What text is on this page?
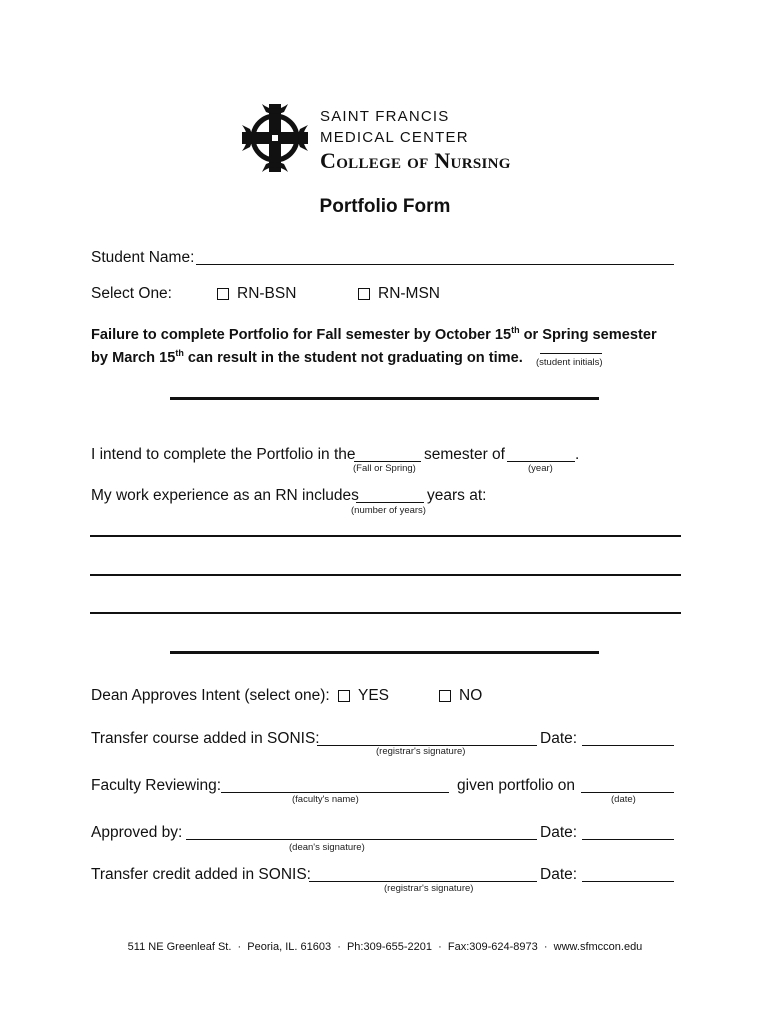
SAINT FRANCIS
MEDICAL CENTER
College of Nursing
Portfolio Form
Student Name:
Select One:	RN-BSN	RN-MSN
Failure to complete Portfolio for Fall semester by October 15th or Spring semester
by March 15th can result in the student not graduating on time.	(student initials)
I intend to complete the Portfolio in the	semester of	.
(Fall or Spring)	(year)
My work experience as an RN includes	years at:
(number of years)
Dean Approves Intent (select one): YES	NO
Transfer course added in SONIS:	Date:
(registrar's signature)
Faculty Reviewing:	given portfolio on
(faculty's name)	(date)
Approved by:	Date:
(dean's signature)
Transfer credit added in SONIS:	Date:
(registrar's signature)
511 NE Greenleaf St.  ·  Peoria, IL. 61603  ·  Ph:309-655-2201  ·  Fax:309-624-8973  ·  www.sfmccon.edu
